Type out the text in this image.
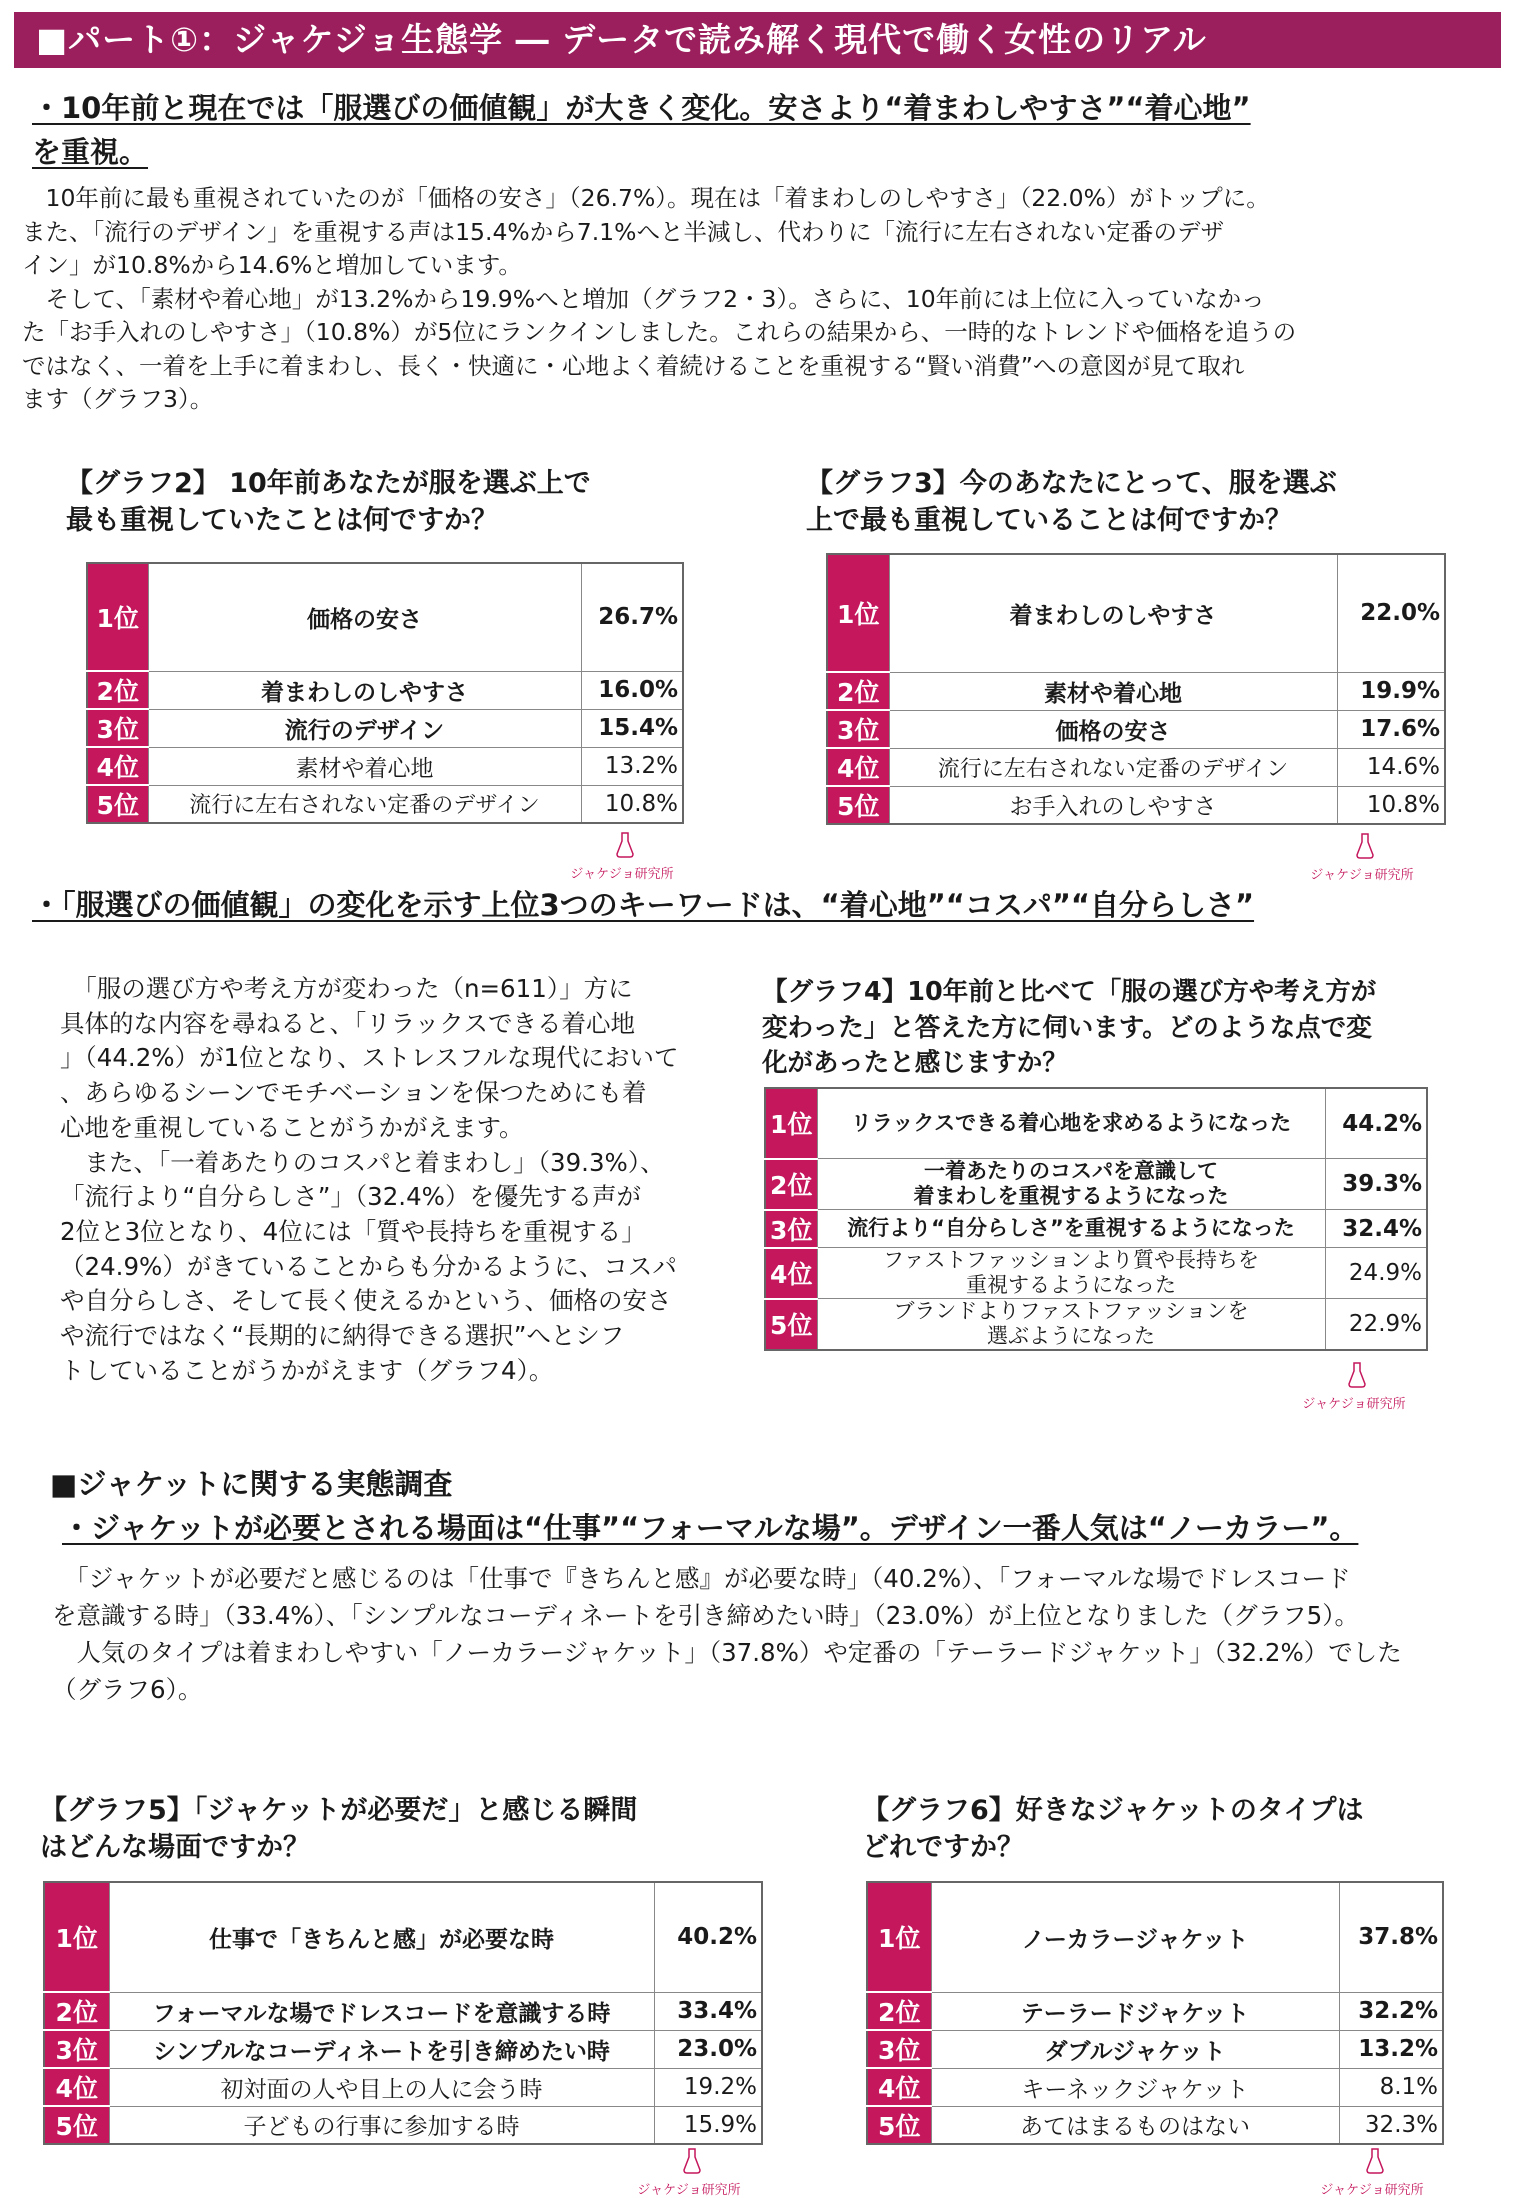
■パート①：ジャケジョ生態学 ― データで読み解く現代で働く女性のリアル
・10年前と現在では「服選びの価値観」が大きく変化。安さより“着まわしやすさ”“着心地”
を重視。
　10年前に最も重視されていたのが「価格の安さ」（26.7%）。現在は「着まわしのしやすさ」（22.0%）がトップに。
また、「流行のデザイン」を重視する声は15.4%から7.1%へと半減し、代わりに「流行に左右されない定番のデザ
イン」が10.8%から14.6%と増加しています。
　そして、「素材や着心地」が13.2%から19.9%へと増加（グラフ2・3）。さらに、10年前には上位に入っていなかっ
た「お手入れのしやすさ」（10.8%）が5位にランクインしました。これらの結果から、一時的なトレンドや価格を追うの
ではなく、一着を上手に着まわし、長く・快適に・心地よく着続けることを重視する“賢い消費”への意図が見て取れ
ます（グラフ3）。
【グラフ2】 10年前あなたが服を選ぶ上で
最も重視していたことは何ですか？
1位	価格の安さ	26.7%
2位	着まわしのしやすさ	16.0%
3位	流行のデザイン	15.4%
4位	素材や着心地	13.2%
5位	流行に左右されない定番のデザイン	10.8%
ジャケジョ研究所
【グラフ3】今のあなたにとって、服を選ぶ
上で最も重視していることは何ですか？
1位	着まわしのしやすさ	22.0%
2位	素材や着心地	19.9%
3位	価格の安さ	17.6%
4位	流行に左右されない定番のデザイン	14.6%
5位	お手入れのしやすさ	10.8%
ジャケジョ研究所
・「服選びの価値観」の変化を示す上位3つのキーワードは、“着心地”“コスパ”“自分らしさ”
　「服の選び方や考え方が変わった（n=611）」方に
具体的な内容を尋ねると、「リラックスできる着心地
」（44.2%）が1位となり、ストレスフルな現代において
、あらゆるシーンでモチベーションを保つためにも着
心地を重視していることがうかがえます。
　また、「一着あたりのコスパと着まわし」（39.3%）、
「流行より“自分らしさ”」（32.4%）を優先する声が
2位と3位となり、4位には「質や長持ちを重視する」
（24.9%）がきていることからも分かるように、コスパ
や自分らしさ、そして長く使えるかという、価格の安さ
や流行ではなく“長期的に納得できる選択”へとシフ
トしていることがうかがえます（グラフ4）。
【グラフ4】10年前と比べて「服の選び方や考え方が
変わった」と答えた方に伺います。どのような点で変
化があったと感じますか？
1位	リラックスできる着心地を求めるようになった	44.2%
2位	一着あたりのコスパを意識して
着まわしを重視するようになった	39.3%
3位	流行より“自分らしさ”を重視するようになった	32.4%
4位	ファストファッションより質や長持ちを
重視するようになった	24.9%
5位	ブランドよりファストファッションを
選ぶようになった	22.9%
ジャケジョ研究所
■ジャケットに関する実態調査
・ジャケットが必要とされる場面は“仕事”“フォーマルな場”。デザイン一番人気は“ノーカラー”。
　「ジャケットが必要だと感じるのは「仕事で『きちんと感』が必要な時」（40.2%）、「フォーマルな場でドレスコード
を意識する時」（33.4%）、「シンプルなコーディネートを引き締めたい時」（23.0%）が上位となりました（グラフ5）。
　人気のタイプは着まわしやすい「ノーカラージャケット」（37.8%）や定番の「テーラードジャケット」（32.2%）でした
（グラフ6）。
【グラフ5】「ジャケットが必要だ」と感じる瞬間
はどんな場面ですか？
1位	仕事で「きちんと感」が必要な時	40.2%
2位	フォーマルな場でドレスコードを意識する時	33.4%
3位	シンプルなコーディネートを引き締めたい時	23.0%
4位	初対面の人や目上の人に会う時	19.2%
5位	子どもの行事に参加する時	15.9%
ジャケジョ研究所
【グラフ6】好きなジャケットのタイプは
どれですか？
1位	ノーカラージャケット	37.8%
2位	テーラードジャケット	32.2%
3位	ダブルジャケット	13.2%
4位	キーネックジャケット	8.1%
5位	あてはまるものはない	32.3%
ジャケジョ研究所
